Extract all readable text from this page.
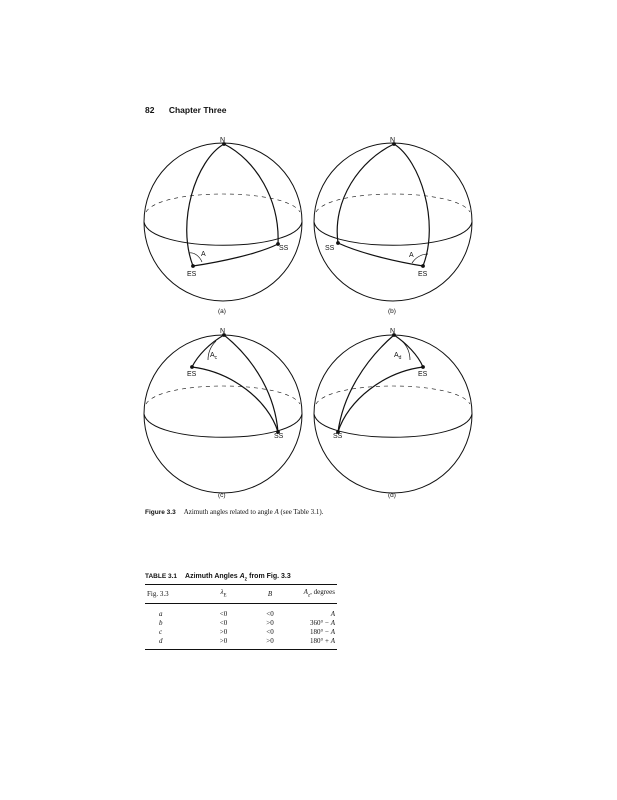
82 Chapter Three
N
ES
SS
A
(a)
N
ES
SS
A
(b)
N
ES
SS
$A_c$
(c)
N
ES
SS
$A_d$
(d)
Figure 3.3 Azimuth angles related to angle A (see Table 3.1).
TABLE 3.1 Azimuth Angles $A_z$ from Fig. 3.3
Fig. 3.3	$\lambda_E$	B	$A_z$, degrees
a	<0	<0	A
b	<0	>0	360° − A
c	>0	<0	180° − A
d	>0	>0	180° + A
